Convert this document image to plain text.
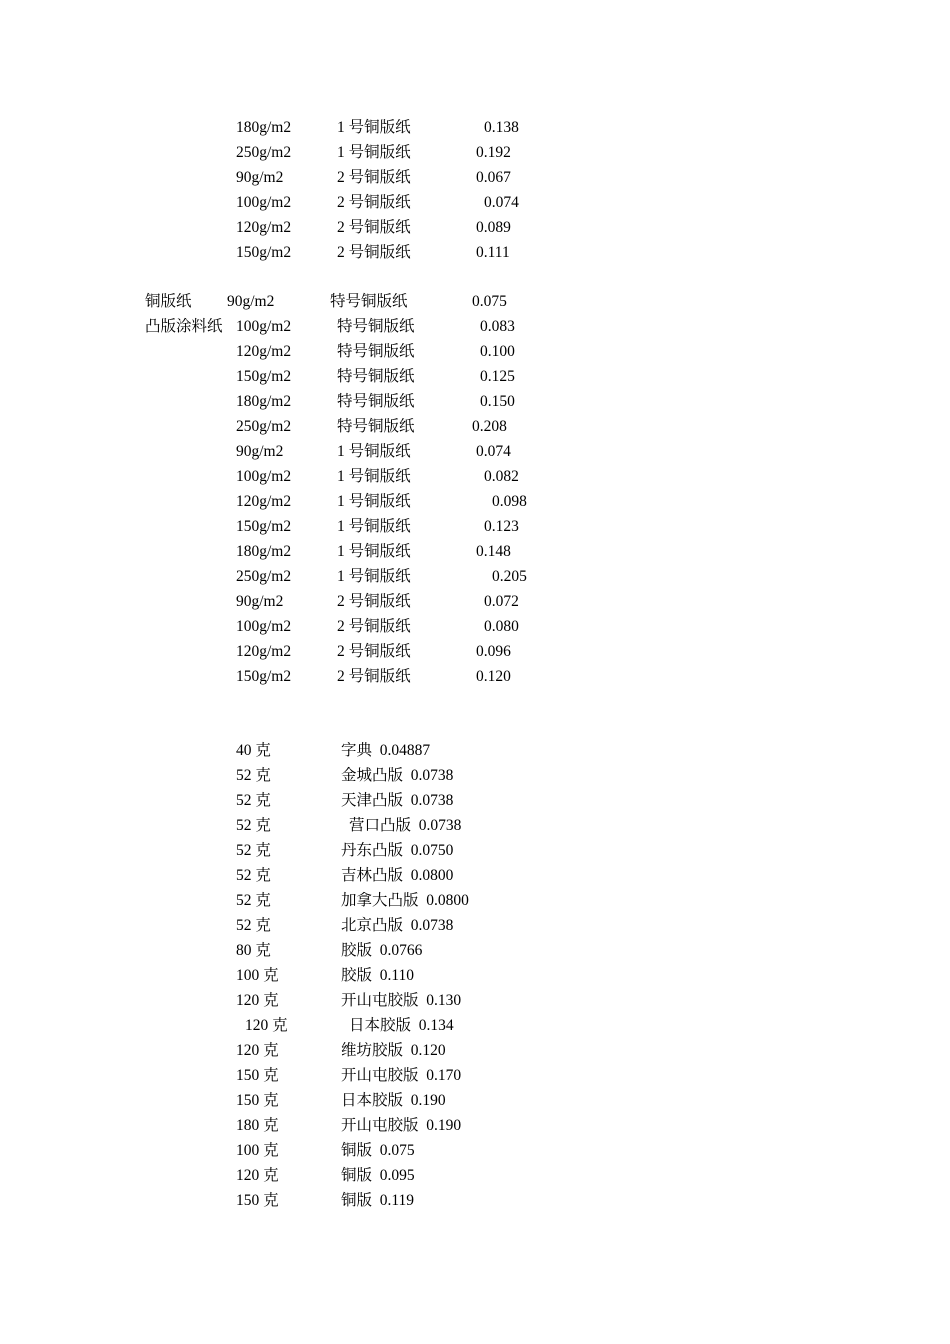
180g/m2	1 号铜版纸	0.138
250g/m2	1 号铜版纸	0.192
90g/m2	2 号铜版纸	0.067
100g/m2	2 号铜版纸	0.074
120g/m2	2 号铜版纸	0.089
150g/m2	2 号铜版纸	0.111
铜版纸 90g/m2	特号铜版纸	0.075
凸版涂料纸 100g/m2	特号铜版纸	0.083
120g/m2	特号铜版纸	0.100
150g/m2	特号铜版纸	0.125
180g/m2	特号铜版纸	0.150
250g/m2	特号铜版纸	0.208
90g/m2	1 号铜版纸	0.074
100g/m2	1 号铜版纸	0.082
120g/m2	1 号铜版纸	0.098
150g/m2	1 号铜版纸	0.123
180g/m2	1 号铜版纸	0.148
250g/m2	1 号铜版纸	0.205
90g/m2	2 号铜版纸	0.072
100g/m2	2 号铜版纸	0.080
120g/m2	2 号铜版纸	0.096
150g/m2	2 号铜版纸	0.120
40 克	字典  0.04887
52 克	金城凸版  0.0738
52 克	天津凸版  0.0738
52 克	营口凸版  0.0738
52 克	丹东凸版  0.0750
52 克	吉林凸版  0.0800
52 克	加拿大凸版  0.0800
52 克	北京凸版  0.0738
80 克	胶版  0.0766
100 克	胶版  0.110
120 克	开山屯胶版  0.130
120 克	日本胶版  0.134
120 克	维坊胶版  0.120
150 克	开山屯胶版  0.170
150 克	日本胶版  0.190
180 克	开山屯胶版  0.190
100 克	铜版  0.075
120 克	铜版  0.095
150 克	铜版  0.119
